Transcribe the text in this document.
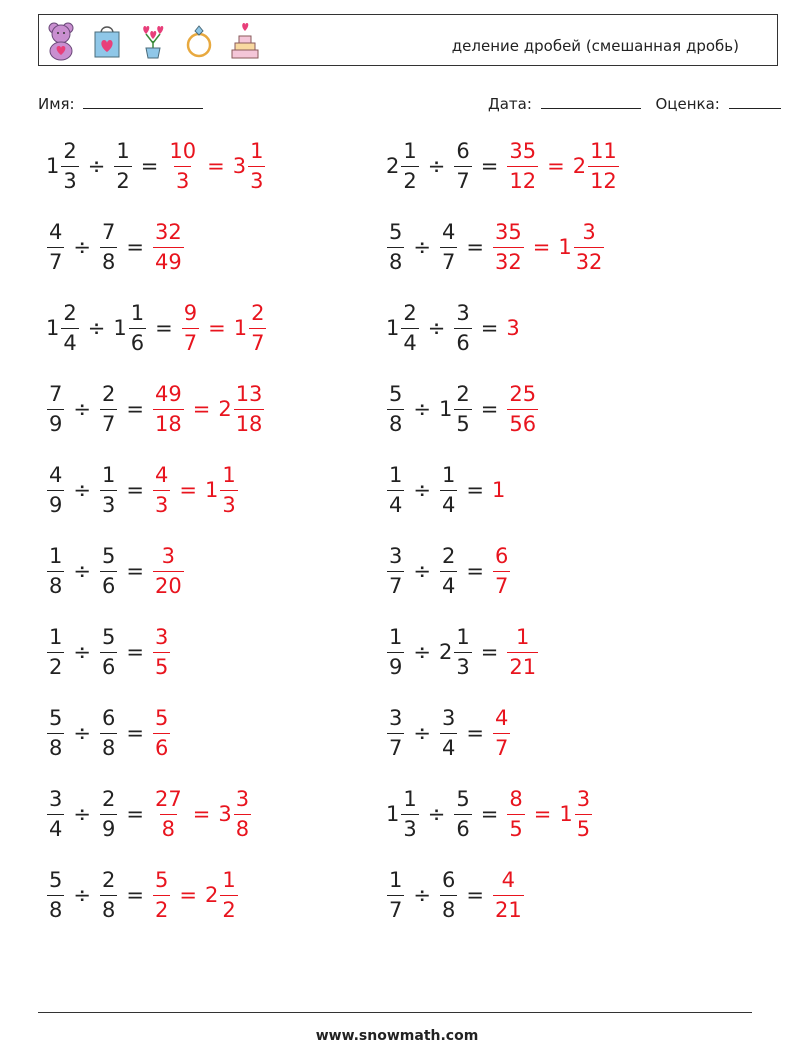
деление дробей (смешанная дробь)
Имя:	Дата:	Оценка:
$1 \frac{2}{3} \div \frac{1}{2} = \frac{10}{3} = 3 \frac{1}{3}$	$2 \frac{1}{2} \div \frac{6}{7} = \frac{35}{12} = 2 \frac{11}{12}$
$\frac{4}{7} \div \frac{7}{8} = \frac{32}{49}$	$\frac{5}{8} \div \frac{4}{7} = \frac{35}{32} = 1 \frac{3}{32}$
$1 \frac{2}{4} \div 1 \frac{1}{6} = \frac{9}{7} = 1 \frac{2}{7}$	$1 \frac{2}{4} \div \frac{3}{6} = 3$
$\frac{7}{9} \div \frac{2}{7} = \frac{49}{18} = 2 \frac{13}{18}$	$\frac{5}{8} \div 1 \frac{2}{5} = \frac{25}{56}$
$\frac{4}{9} \div \frac{1}{3} = \frac{4}{3} = 1 \frac{1}{3}$	$\frac{1}{4} \div \frac{1}{4} = 1$
$\frac{1}{8} \div \frac{5}{6} = \frac{3}{20}$	$\frac{3}{7} \div \frac{2}{4} = \frac{6}{7}$
$\frac{1}{2} \div \frac{5}{6} = \frac{3}{5}$	$\frac{1}{9} \div 2 \frac{1}{3} = \frac{1}{21}$
$\frac{5}{8} \div \frac{6}{8} = \frac{5}{6}$	$\frac{3}{7} \div \frac{3}{4} = \frac{4}{7}$
$\frac{3}{4} \div \frac{2}{9} = \frac{27}{8} = 3 \frac{3}{8}$	$1 \frac{1}{3} \div \frac{5}{6} = \frac{8}{5} = 1 \frac{3}{5}$
$\frac{5}{8} \div \frac{2}{8} = \frac{5}{2} = 2 \frac{1}{2}$	$\frac{1}{7} \div \frac{6}{8} = \frac{4}{21}$
www.snowmath.com
